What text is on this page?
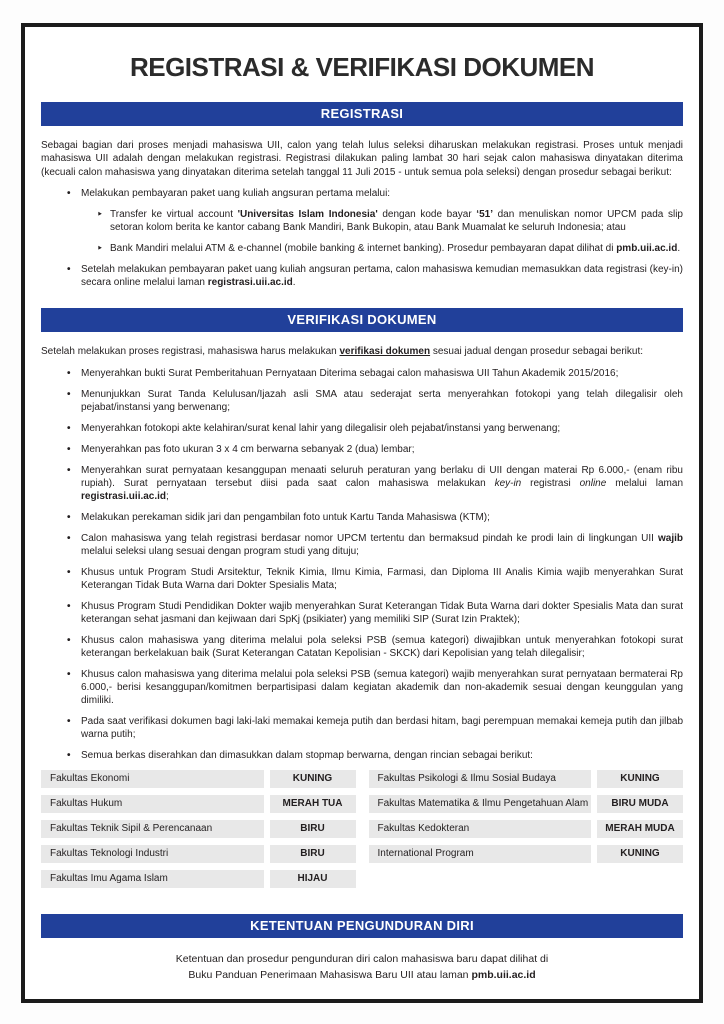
REGISTRASI & VERIFIKASI DOKUMEN
REGISTRASI
Sebagai bagian dari proses menjadi mahasiswa UII, calon yang telah lulus seleksi diharuskan melakukan registrasi. Proses untuk menjadi mahasiswa UII adalah dengan melakukan registrasi. Registrasi dilakukan paling lambat 30 hari sejak calon mahasiswa dinyatakan diterima (kecuali calon mahasiswa yang dinyatakan diterima setelah tanggal 11 Juli 2015 - untuk semua pola seleksi) dengan prosedur sebagai berikut:
•	Melakukan pembayaran paket uang kuliah angsuran pertama melalui:
‣ Transfer ke virtual account 'Universitas Islam Indonesia' dengan kode bayar ‘51’ dan menuliskan nomor UPCM pada slip setoran kolom berita ke kantor cabang Bank Mandiri, Bank Bukopin, atau Bank Muamalat ke seluruh Indonesia; atau
‣ Bank Mandiri melalui ATM & e-channel (mobile banking & internet banking). Prosedur pembayaran dapat dilihat di pmb.uii.ac.id.
•	Setelah melakukan pembayaran paket uang kuliah angsuran pertama, calon mahasiswa kemudian memasukkan data registrasi (key-in) secara online melalui laman registrasi.uii.ac.id.
VERIFIKASI DOKUMEN
Setelah melakukan proses registrasi, mahasiswa harus melakukan verifikasi dokumen sesuai jadual dengan prosedur sebagai berikut:
•	Menyerahkan bukti Surat Pemberitahuan Pernyataan Diterima sebagai calon mahasiswa UII Tahun Akademik 2015/2016;
•	Menunjukkan Surat Tanda Kelulusan/Ijazah asli SMA atau sederajat serta menyerahkan fotokopi yang telah dilegalisir oleh pejabat/instansi yang berwenang;
•	Menyerahkan fotokopi akte kelahiran/surat kenal lahir yang dilegalisir oleh pejabat/instansi yang berwenang;
•	Menyerahkan pas foto ukuran 3 x 4 cm berwarna sebanyak 2 (dua) lembar;
•	Menyerahkan surat pernyataan kesanggupan menaati seluruh peraturan yang berlaku di UII dengan materai Rp 6.000,- (enam ribu rupiah). Surat pernyataan tersebut diisi pada saat calon mahasiswa melakukan key-in registrasi online melalui laman registrasi.uii.ac.id;
•	Melakukan perekaman sidik jari dan pengambilan foto untuk Kartu Tanda Mahasiswa (KTM);
•	Calon mahasiswa yang telah registrasi berdasar nomor UPCM tertentu dan bermaksud pindah ke prodi lain di lingkungan UII wajib melalui seleksi ulang sesuai dengan program studi yang dituju;
•	Khusus untuk Program Studi Arsitektur, Teknik Kimia, Ilmu Kimia, Farmasi, dan Diploma III Analis Kimia wajib menyerahkan Surat Keterangan Tidak Buta Warna dari Dokter Spesialis Mata;
•	Khusus Program Studi Pendidikan Dokter wajib menyerahkan Surat Keterangan Tidak Buta Warna dari dokter Spesialis Mata dan surat keterangan sehat jasmani dan kejiwaan dari SpKj (psikiater) yang memiliki SIP (Surat Izin Praktek);
•	Khusus calon mahasiswa yang diterima melalui pola seleksi PSB (semua kategori) diwajibkan untuk menyerahkan fotokopi surat keterangan berkelakuan baik (Surat Keterangan Catatan Kepolisian - SKCK) dari Kepolisian yang telah dilegalisir;
•	Khusus calon mahasiswa yang diterima melalui pola seleksi PSB (semua kategori) wajib menyerahkan surat pernyataan bermaterai Rp 6.000,- berisi kesanggupan/komitmen berpartisipasi dalam kegiatan akademik dan non-akademik sesuai dengan keunggulan yang dimiliki.
•	Pada saat verifikasi dokumen bagi laki-laki memakai kemeja putih dan berdasi hitam, bagi perempuan memakai kemeja putih dan jilbab warna putih;
•	Semua berkas diserahkan dan dimasukkan dalam stopmap berwarna, dengan rincian sebagai berikut:
Fakultas Ekonomi	KUNING
Fakultas Hukum	MERAH TUA
Fakultas Teknik Sipil & Perencanaan	BIRU
Fakultas Teknologi Industri	BIRU
Fakultas Imu Agama Islam	HIJAU
Fakultas Psikologi & Ilmu Sosial Budaya	KUNING
Fakultas Matematika & Ilmu Pengetahuan Alam	BIRU MUDA
Fakultas Kedokteran	MERAH MUDA
International Program	KUNING
KETENTUAN PENGUNDURAN DIRI
Ketentuan dan prosedur pengunduran diri calon mahasiswa baru dapat dilihat di
Buku Panduan Penerimaan Mahasiswa Baru UII atau laman pmb.uii.ac.id
